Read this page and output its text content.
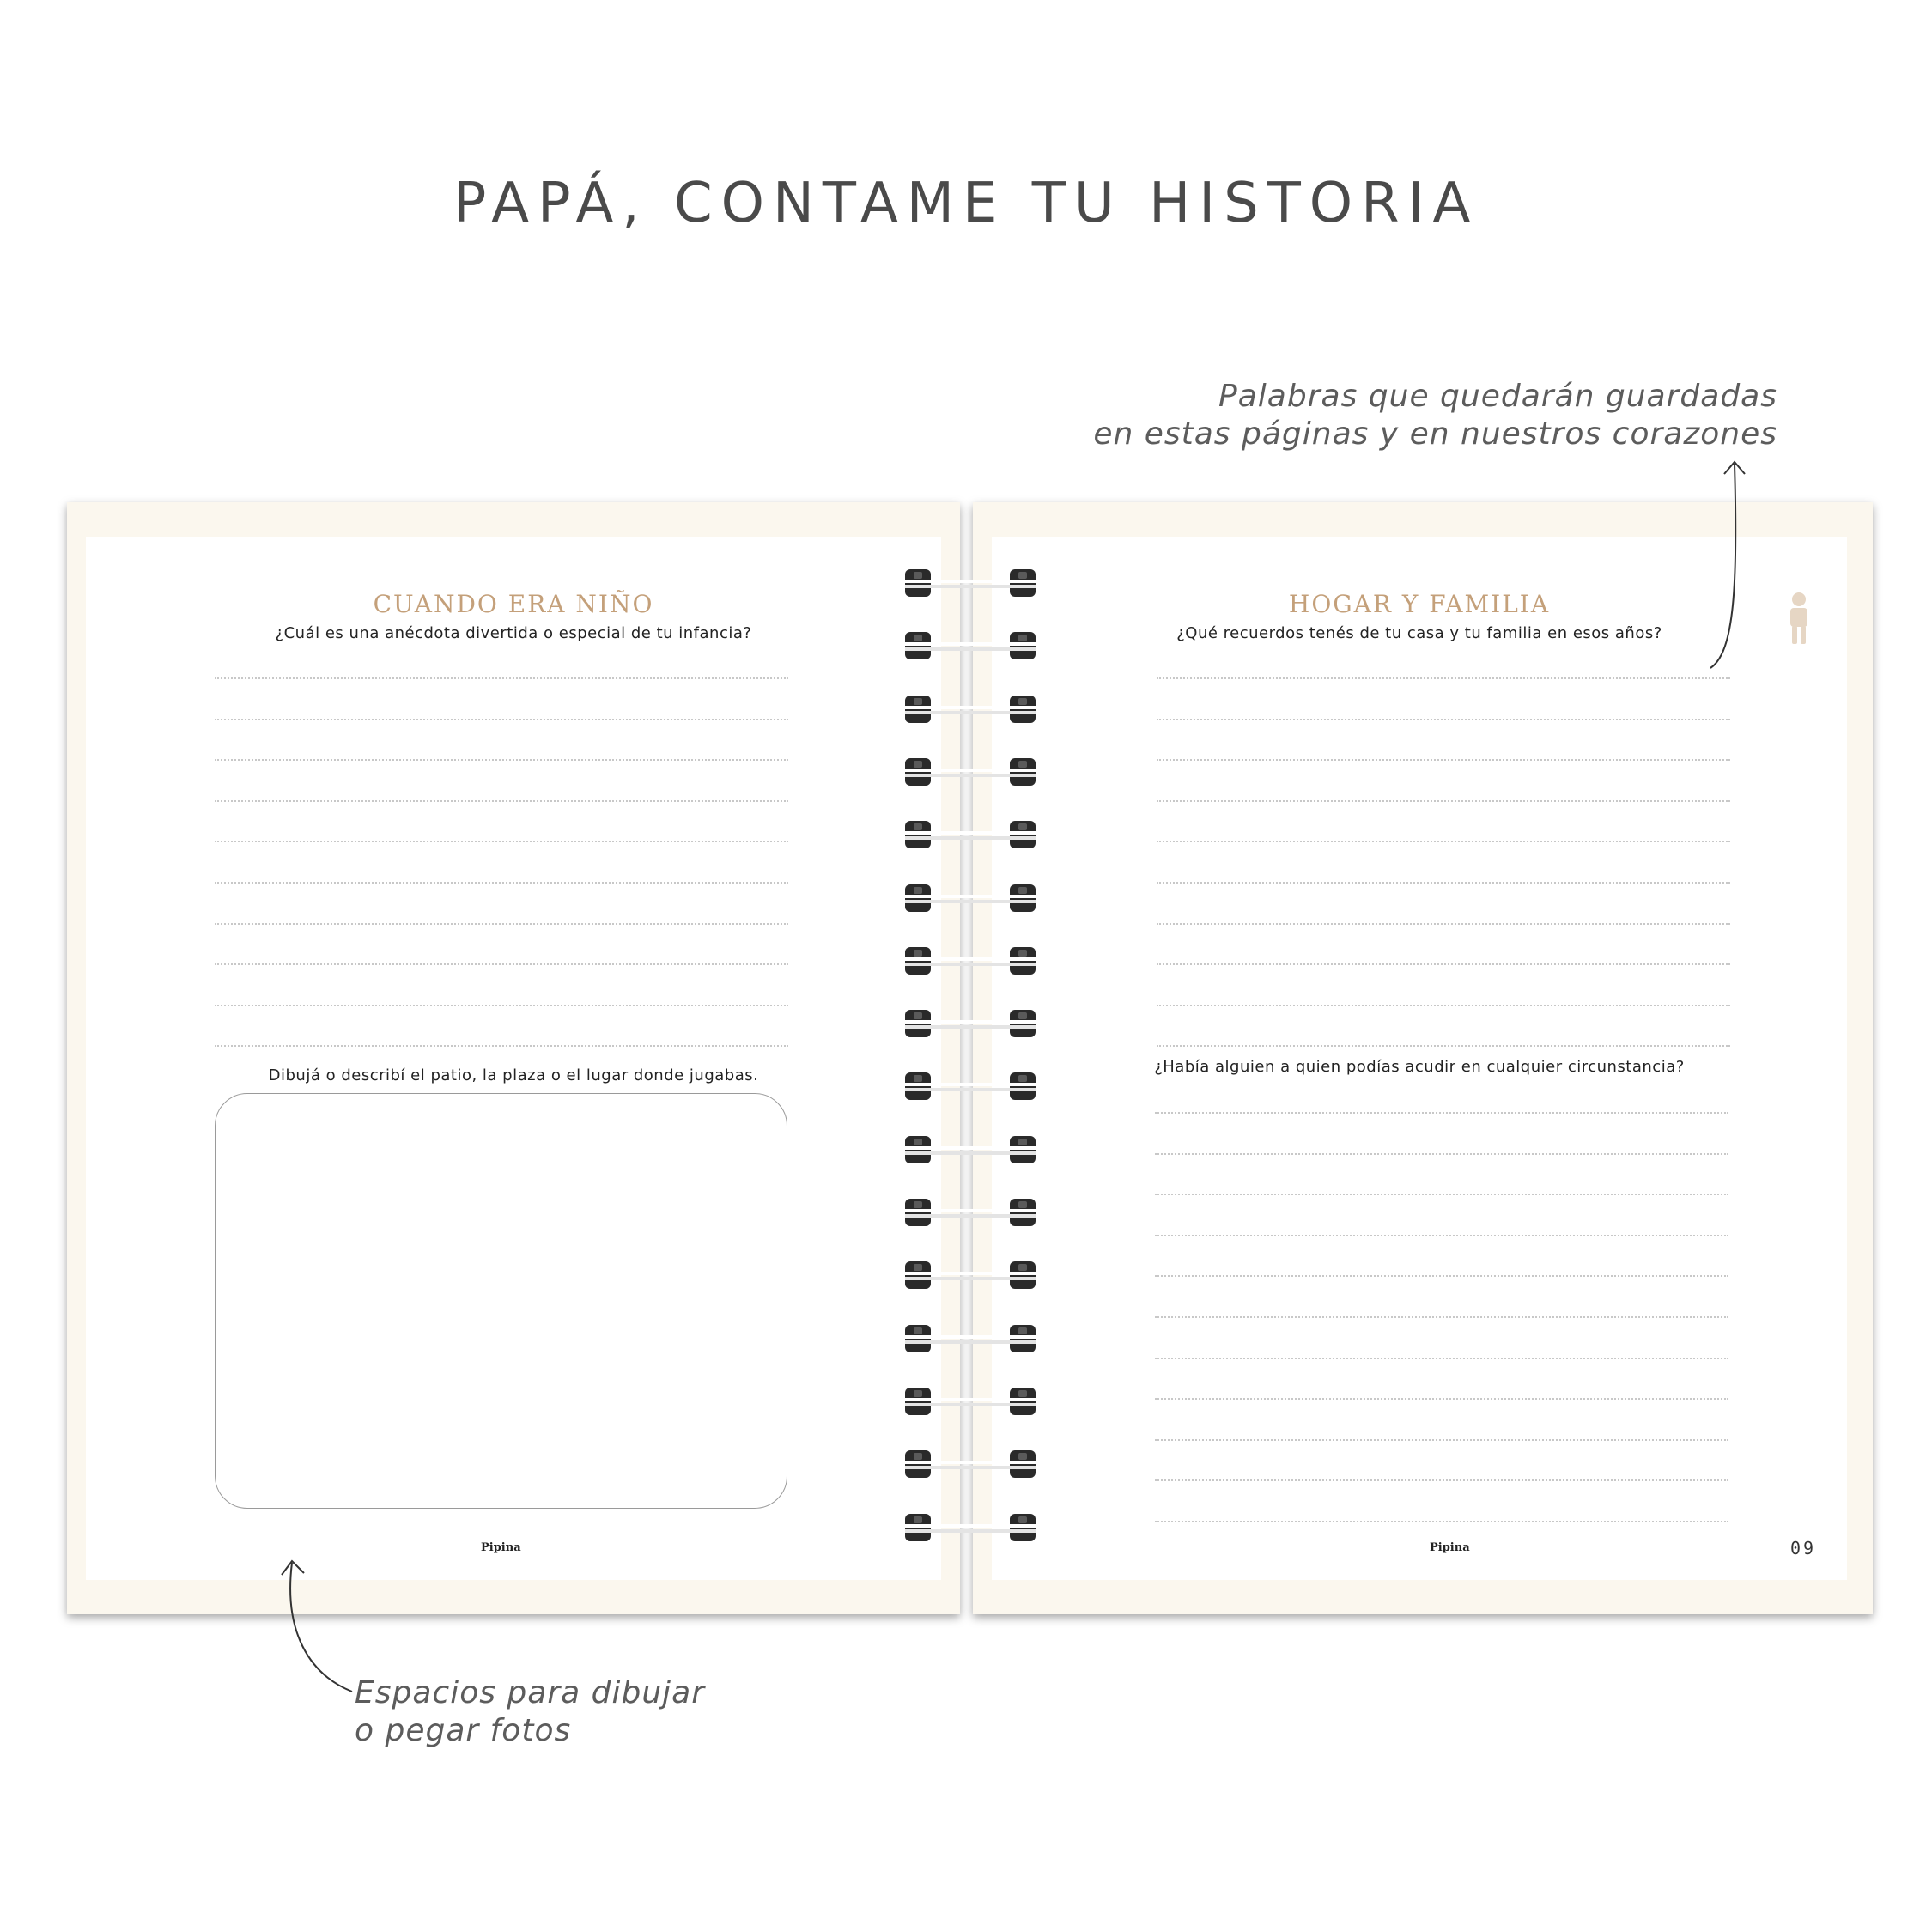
PAPÁ, CONTAME TU HISTORIA
Palabras que quedarán guardadas
en estas páginas y en nuestros corazones
Espacios para dibujar
o pegar fotos
CUANDO ERA NIÑO
¿Cuál es una anécdota divertida o especial de tu infancia?
Dibujá o describí el patio, la plaza o el lugar donde jugabas.
Pipina
HOGAR Y FAMILIA
¿Qué recuerdos tenés de tu casa y tu familia en esos años?
¿Había alguien a quien podías acudir en cualquier circunstancia?
Pipina	09
